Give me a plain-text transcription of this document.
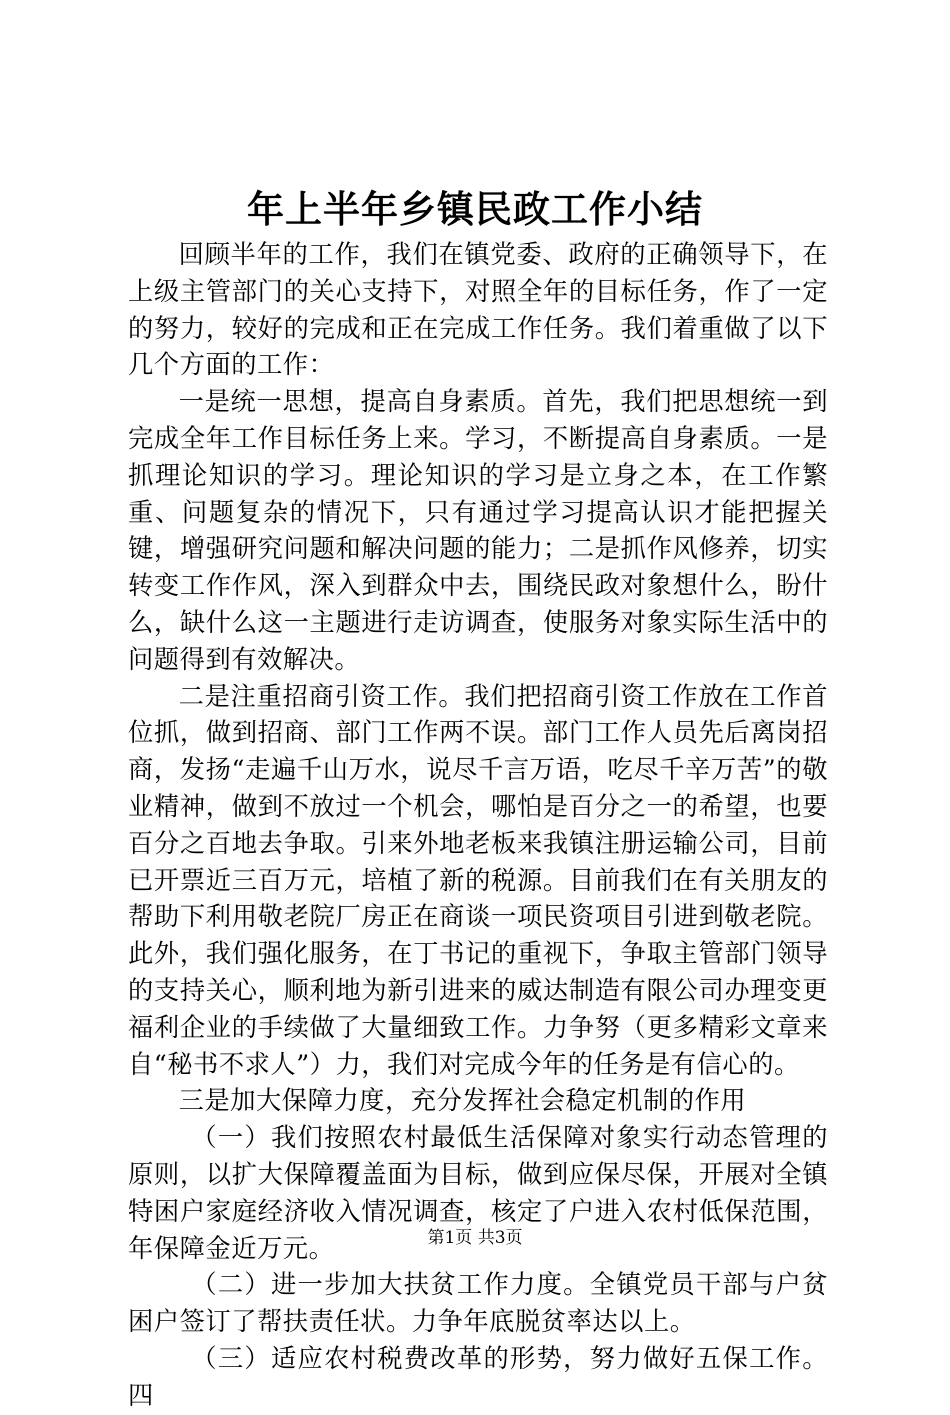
年上半年乡镇民政工作小结

回顾半年的工作，我们在镇党委、政府的正确领导下，在上级主管部门的关心支持下，对照全年的目标任务，作了一定的努力，较好的完成和正在完成工作任务。我们着重做了以下几个方面的工作：

一是统一思想，提高自身素质。首先，我们把思想统一到完成全年工作目标任务上来。学习，不断提高自身素质。一是抓理论知识的学习。理论知识的学习是立身之本，在工作繁重、问题复杂的情况下，只有通过学习提高认识才能把握关键，增强研究问题和解决问题的能力；二是抓作风修养，切实转变工作作风，深入到群众中去，围绕民政对象想什么，盼什么，缺什么这一主题进行走访调查，使服务对象实际生活中的问题得到有效解决。

二是注重招商引资工作。我们把招商引资工作放在工作首位抓，做到招商、部门工作两不误。部门工作人员先后离岗招商，发扬“走遍千山万水，说尽千言万语，吃尽千辛万苦”的敬业精神，做到不放过一个机会，哪怕是百分之一的希望，也要百分之百地去争取。引来外地老板来我镇注册运输公司，目前已开票近三百万元，培植了新的税源。目前我们在有关朋友的帮助下利用敬老院厂房正在商谈一项民资项目引进到敬老院。此外，我们强化服务，在丁书记的重视下，争取主管部门领导的支持关心，顺利地为新引进来的威达制造有限公司办理变更福利企业的手续做了大量细致工作。力争努（更多精彩文章来自“秘书不求人”）力，我们对完成今年的任务是有信心的。

三是加大保障力度，充分发挥社会稳定机制的作用

（一）我们按照农村最低生活保障对象实行动态管理的原则，以扩大保障覆盖面为目标，做到应保尽保，开展对全镇特困户家庭经济收入情况调查，核定了户进入农村低保范围，年保障金近万元。

（二）进一步加大扶贫工作力度。全镇党员干部与户贫困户签订了帮扶责任状。力争年底脱贫率达以上。

（三）适应农村税费改革的形势，努力做好五保工作。四

第1页 共3页
